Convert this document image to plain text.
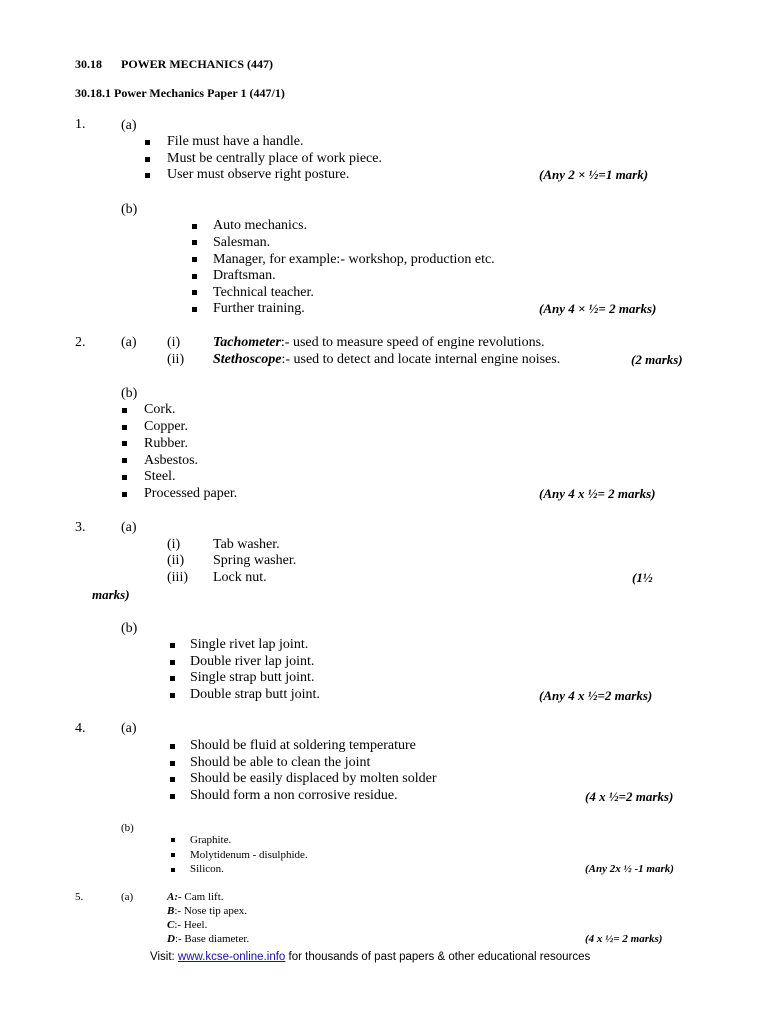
30.18 POWER MECHANICS (447)
30.18.1 Power Mechanics Paper 1 (447/1)
1.	(a)
File must have a handle.
Must be centrally place of work piece.
User must observe right posture.	(Any 2 × ½=1 mark)
(b)
Auto mechanics.
Salesman.
Manager, for example:- workshop, production etc.
Draftsman.
Technical teacher.
Further training.	(Any 4 × ½= 2 marks)
2.	(a) (i) Tachometer:- used to measure speed of engine revolutions.
(ii) Stethoscope:- used to detect and locate internal engine noises.	(2 marks)
(b)
Cork.
Copper.
Rubber.
Asbestos.
Steel.
Processed paper.	(Any 4 x ½= 2 marks)
3.	(a)
(i) Tab washer.
(ii) Spring washer.
(iii) Lock nut.	(1½
marks)
(b)
Single rivet lap joint.
Double river lap joint.
Single strap butt joint.
Double strap butt joint.	(Any 4 x ½=2 marks)
4.	(a)
Should be fluid at soldering temperature
Should be able to clean the joint
Should be easily displaced by molten solder
Should form a non corrosive residue.	(4 x ½=2 marks)
(b)
Graphite.
Molytidenum - disulphide.
Silicon.	(Any 2x ½ -1 mark)
5.	(a)	A:- Cam lift.
B:- Nose tip apex.
C:- Heel.
D:- Base diameter.	(4 x ½= 2 marks)
Visit: www.kcse-online.info for thousands of past papers & other educational resources
